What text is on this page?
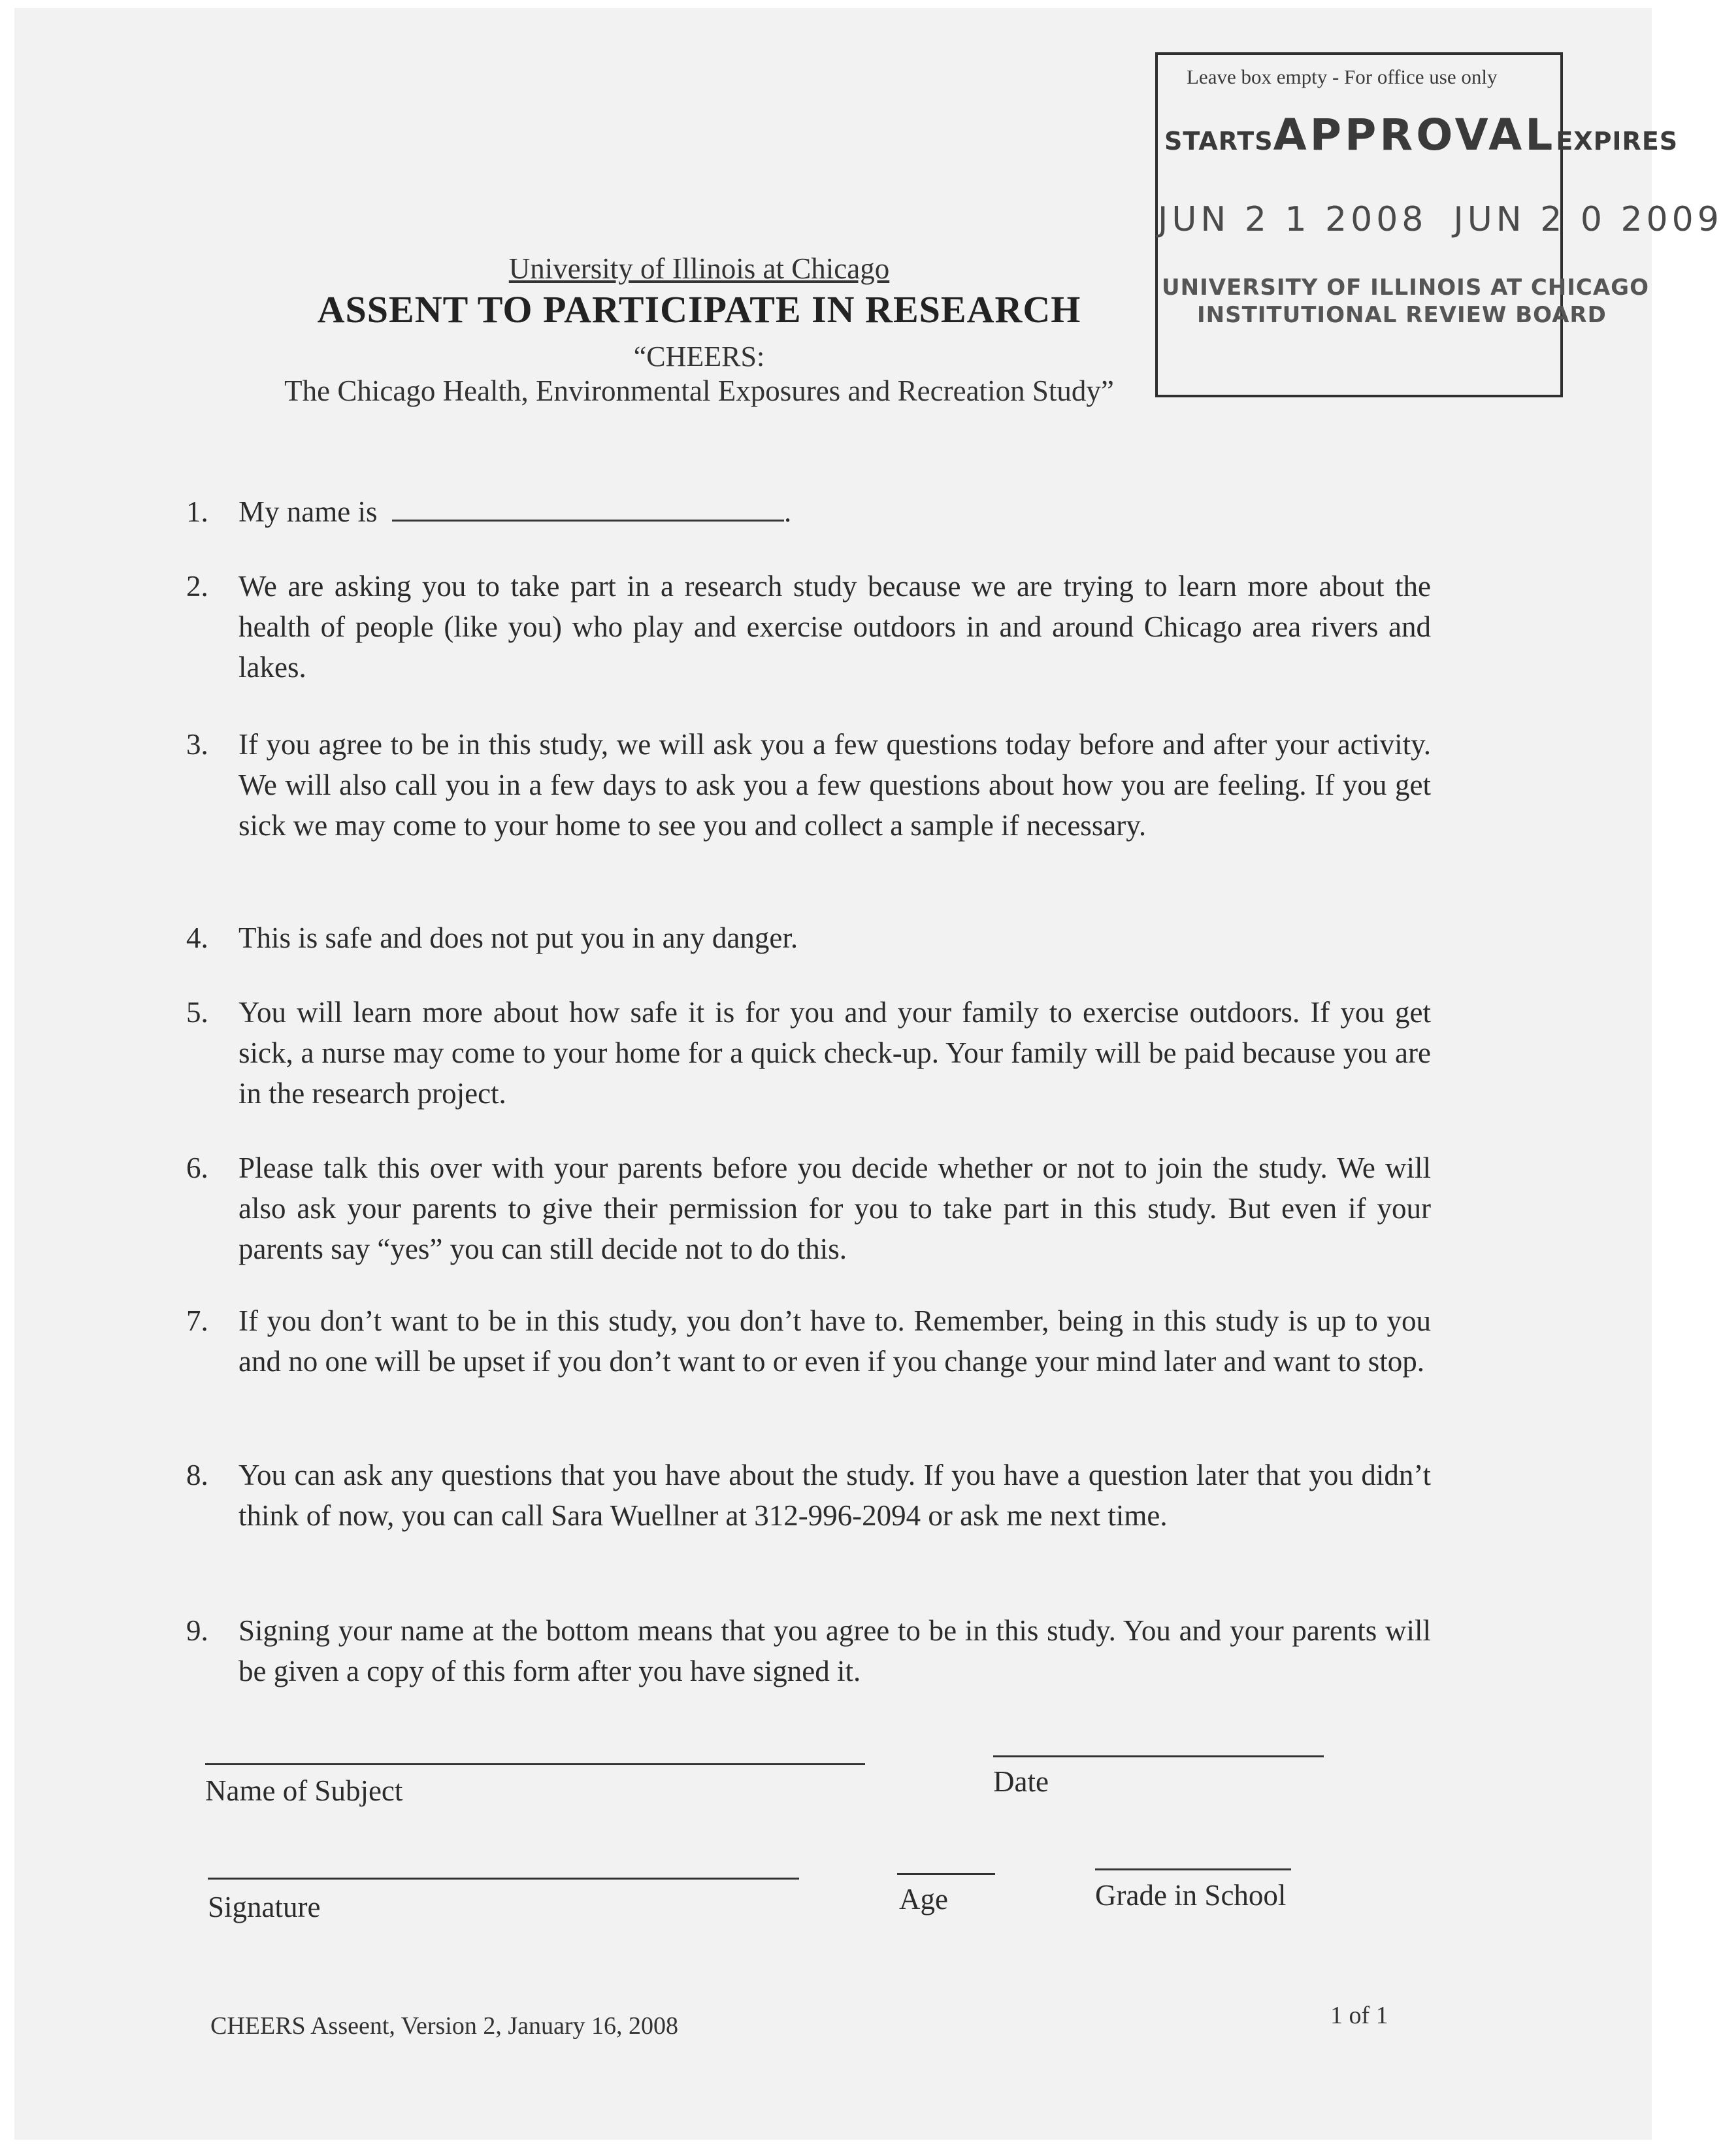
Leave box empty - For office use only
STARTSAPPROVALEXPIRES
JUN 2 1 2008 JUN 2 0 2009
UNIVERSITY OF ILLINOIS AT CHICAGO
INSTITUTIONAL REVIEW BOARD
University of Illinois at Chicago
ASSENT TO PARTICIPATE IN RESEARCH
“CHEERS:
The Chicago Health, Environmental Exposures and Recreation Study”
1. My name is	.
2. We are asking you to take part in a research study because we are trying to learn more about the health of people (like you) who play and exercise outdoors in and around Chicago area rivers and lakes.
3. If you agree to be in this study, we will ask you a few questions today before and after your activity. We will also call you in a few days to ask you a few questions about how you are feeling. If you get sick we may come to your home to see you and collect a sample if necessary.
4. This is safe and does not put you in any danger.
5. You will learn more about how safe it is for you and your family to exercise outdoors. If you get sick, a nurse may come to your home for a quick check-up. Your family will be paid because you are in the research project.
6. Please talk this over with your parents before you decide whether or not to join the study. We will also ask your parents to give their permission for you to take part in this study. But even if your parents say “yes” you can still decide not to do this.
7. If you don’t want to be in this study, you don’t have to. Remember, being in this study is up to you and no one will be upset if you don’t want to or even if you change your mind later and want to stop.
8. You can ask any questions that you have about the study. If you have a question later that you didn’t think of now, you can call Sara Wuellner at 312-996-2094 or ask me next time.
9. Signing your name at the bottom means that you agree to be in this study. You and your parents will be given a copy of this form after you have signed it.
Name of Subject	Date
Signature	Age	Grade in School
CHEERS Asseent, Version 2, January 16, 2008	1 of 1
